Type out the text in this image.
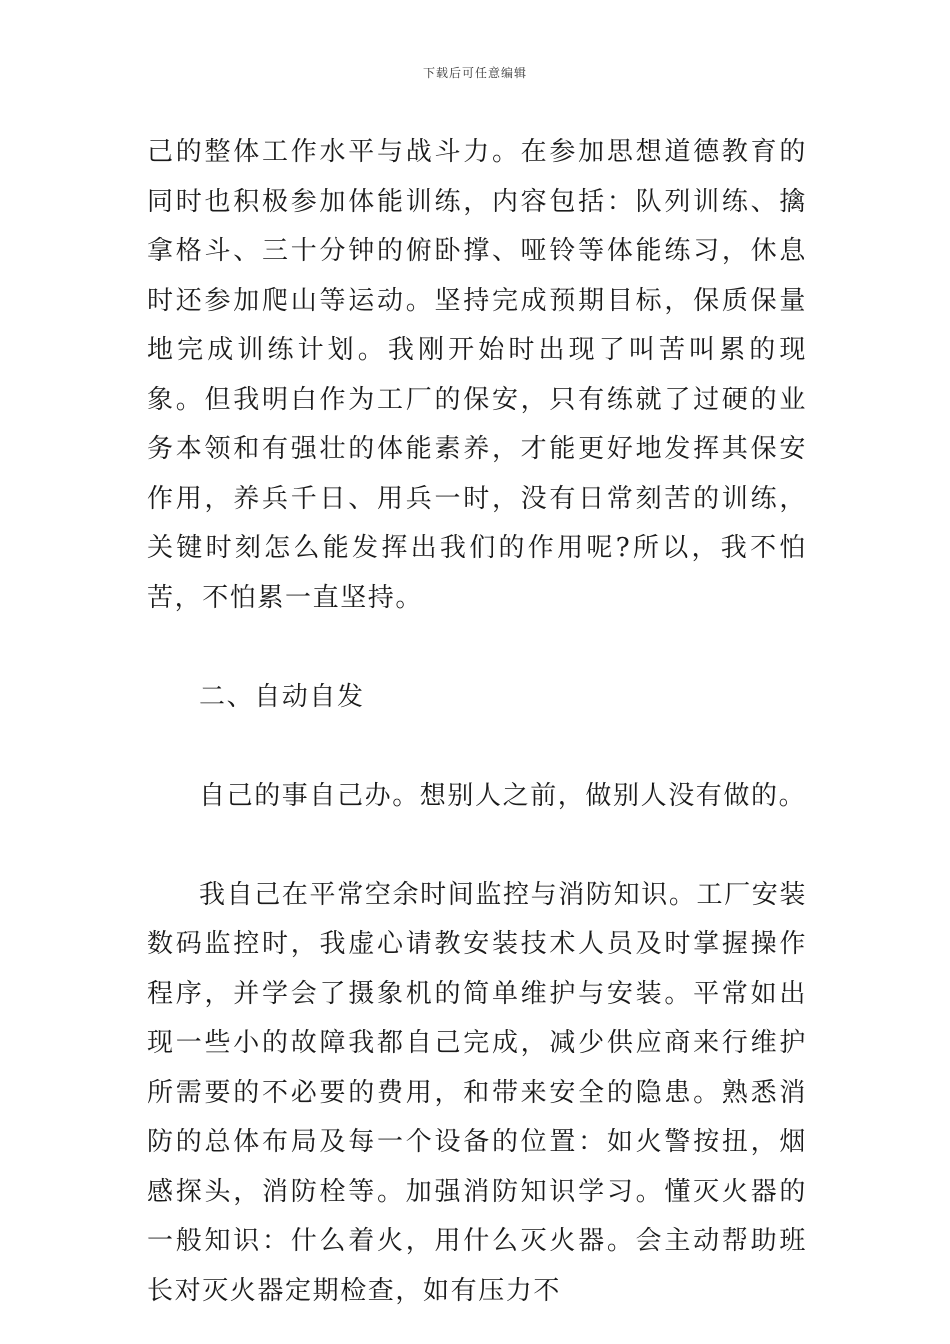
下载后可任意编辑

己的整体工作水平与战斗力。在参加思想道德教育的同时也积极参加体能训练，内容包括：队列训练、擒拿格斗、三十分钟的俯卧撑、哑铃等体能练习，休息时还参加爬山等运动。坚持完成预期目标，保质保量地完成训练计划。我刚开始时出现了叫苦叫累的现象。但我明白作为工厂的保安，只有练就了过硬的业务本领和有强壮的体能素养，才能更好地发挥其保安作用，养兵千日、用兵一时，没有日常刻苦的训练，关键时刻怎么能发挥出我们的作用呢?所以，我不怕苦，不怕累一直坚持。

二、自动自发

自己的事自己办。想别人之前，做别人没有做的。

我自己在平常空余时间监控与消防知识。工厂安装数码监控时，我虚心请教安装技术人员及时掌握操作程序，并学会了摄象机的简单维护与安装。平常如出现一些小的故障我都自己完成，减少供应商来行维护所需要的不必要的费用，和带来安全的隐患。熟悉消防的总体布局及每一个设备的位置：如火警按扭，烟感探头，消防栓等。加强消防知识学习。懂灭火器的一般知识：什么着火，用什么灭火器。会主动帮助班长对灭火器定期检查，如有压力不
